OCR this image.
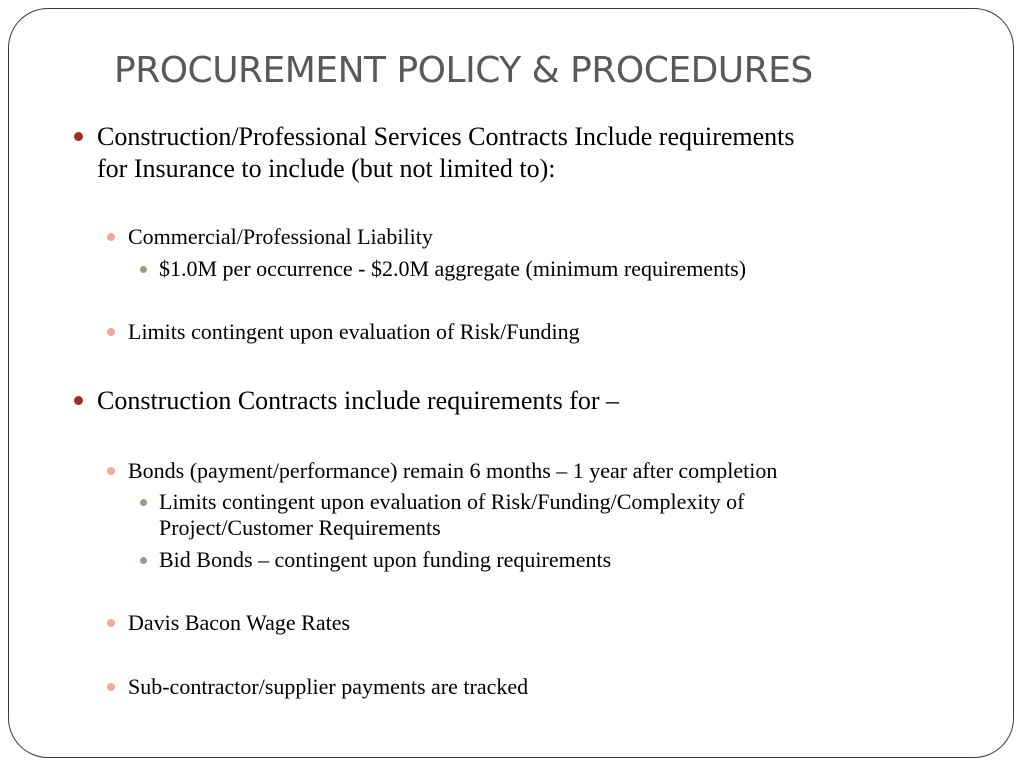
PROCUREMENT POLICY & PROCEDURES
Construction/Professional Services Contracts Include requirements
for Insurance to include (but not limited to):
Commercial/Professional Liability
$1.0M per occurrence - $2.0M aggregate (minimum requirements)
Limits contingent upon evaluation of Risk/Funding
Construction Contracts include requirements for –
Bonds (payment/performance) remain 6 months – 1 year after completion
Limits contingent upon evaluation of Risk/Funding/Complexity of
Project/Customer Requirements
Bid Bonds – contingent upon funding requirements
Davis Bacon Wage Rates
Sub-contractor/supplier payments are tracked
